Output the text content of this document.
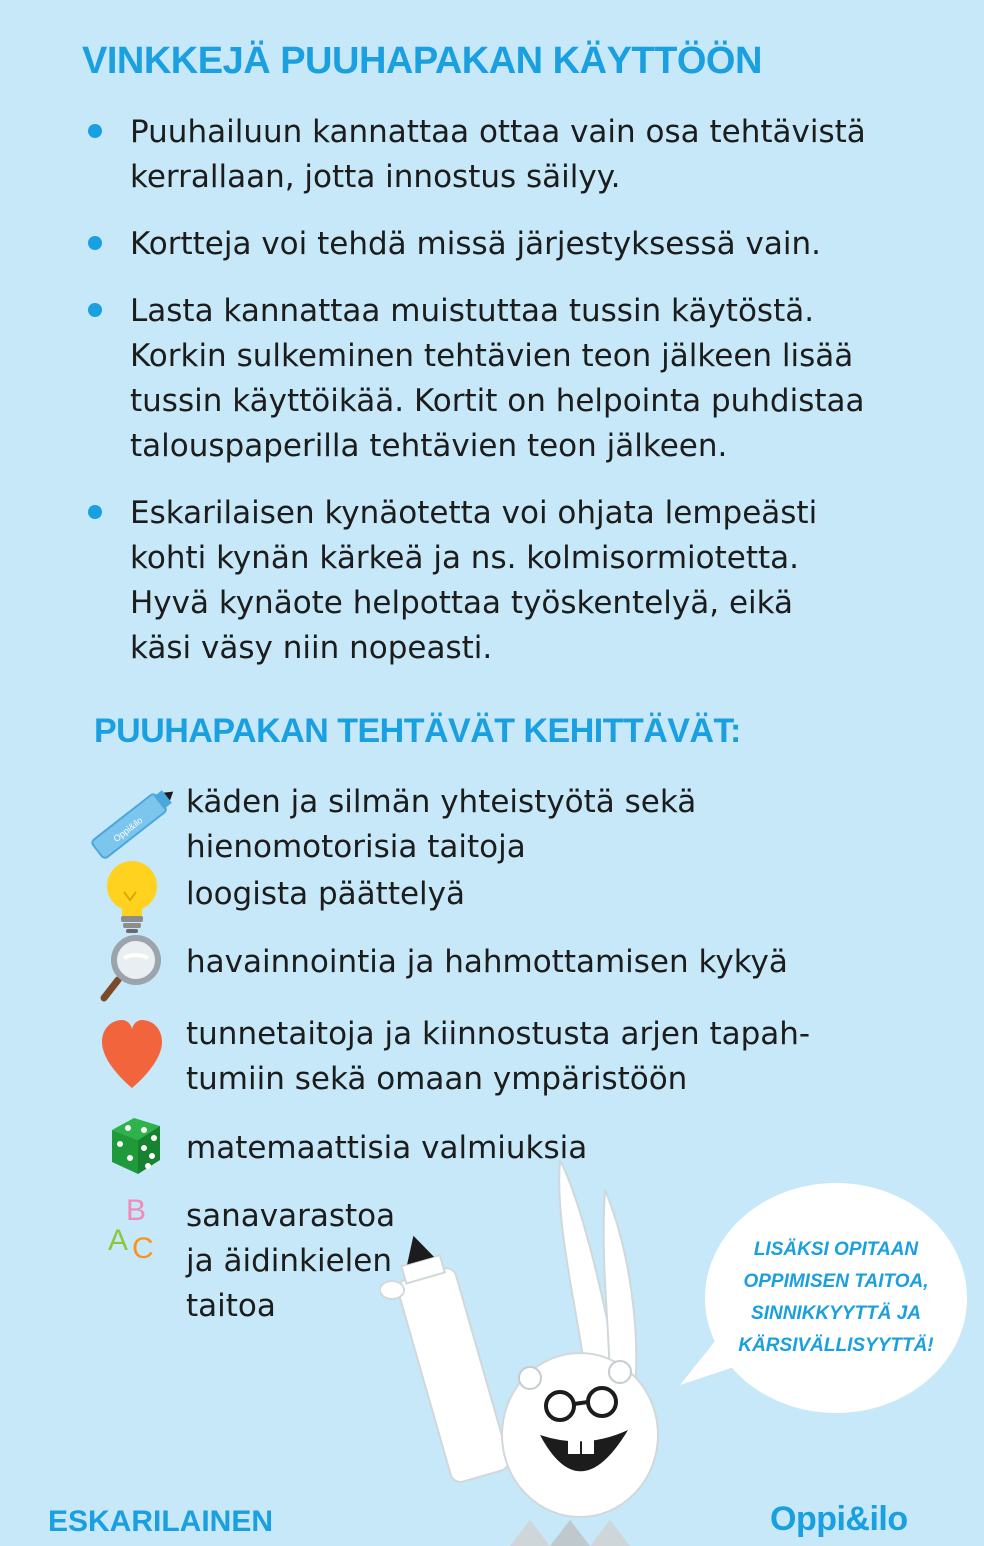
VINKKEJÄ PUUHAPAKAN KÄYTTÖÖN
Puuhailuun kannattaa ottaa vain osa tehtävistä
kerrallaan, jotta innostus säilyy.
Kortteja voi tehdä missä järjestyksessä vain.
Lasta kannattaa muistuttaa tussin käytöstä.
Korkin sulkeminen tehtävien teon jälkeen lisää
tussin käyttöikää. Kortit on helpointa puhdistaa
talouspaperilla tehtävien teon jälkeen.
Eskarilaisen kynäotetta voi ohjata lempeästi
kohti kynän kärkeä ja ns. kolmisormiotetta.
Hyvä kynäote helpottaa työskentelyä, eikä
käsi väsy niin nopeasti.
PUUHAPAKAN TEHTÄVÄT KEHITTÄVÄT:
Oppi&ilo
käden ja silmän yhteistyötä sekä
hienomotorisia taitoja
loogista päättelyä
havainnointia ja hahmottamisen kykyä
tunnetaitoja ja kiinnostusta arjen tapah-
tumiin sekä omaan ympäristöön
matemaattisia valmiuksia
B
A C
sanavarastoa
ja äidinkielen
taitoa
LISÄKSI OPITAAN
OPPIMISEN TAITOA,
SINNIKKYYTTÄ JA
KÄRSIVÄLLISYYTTÄ!
ESKARILAINEN	Oppi&ilo
